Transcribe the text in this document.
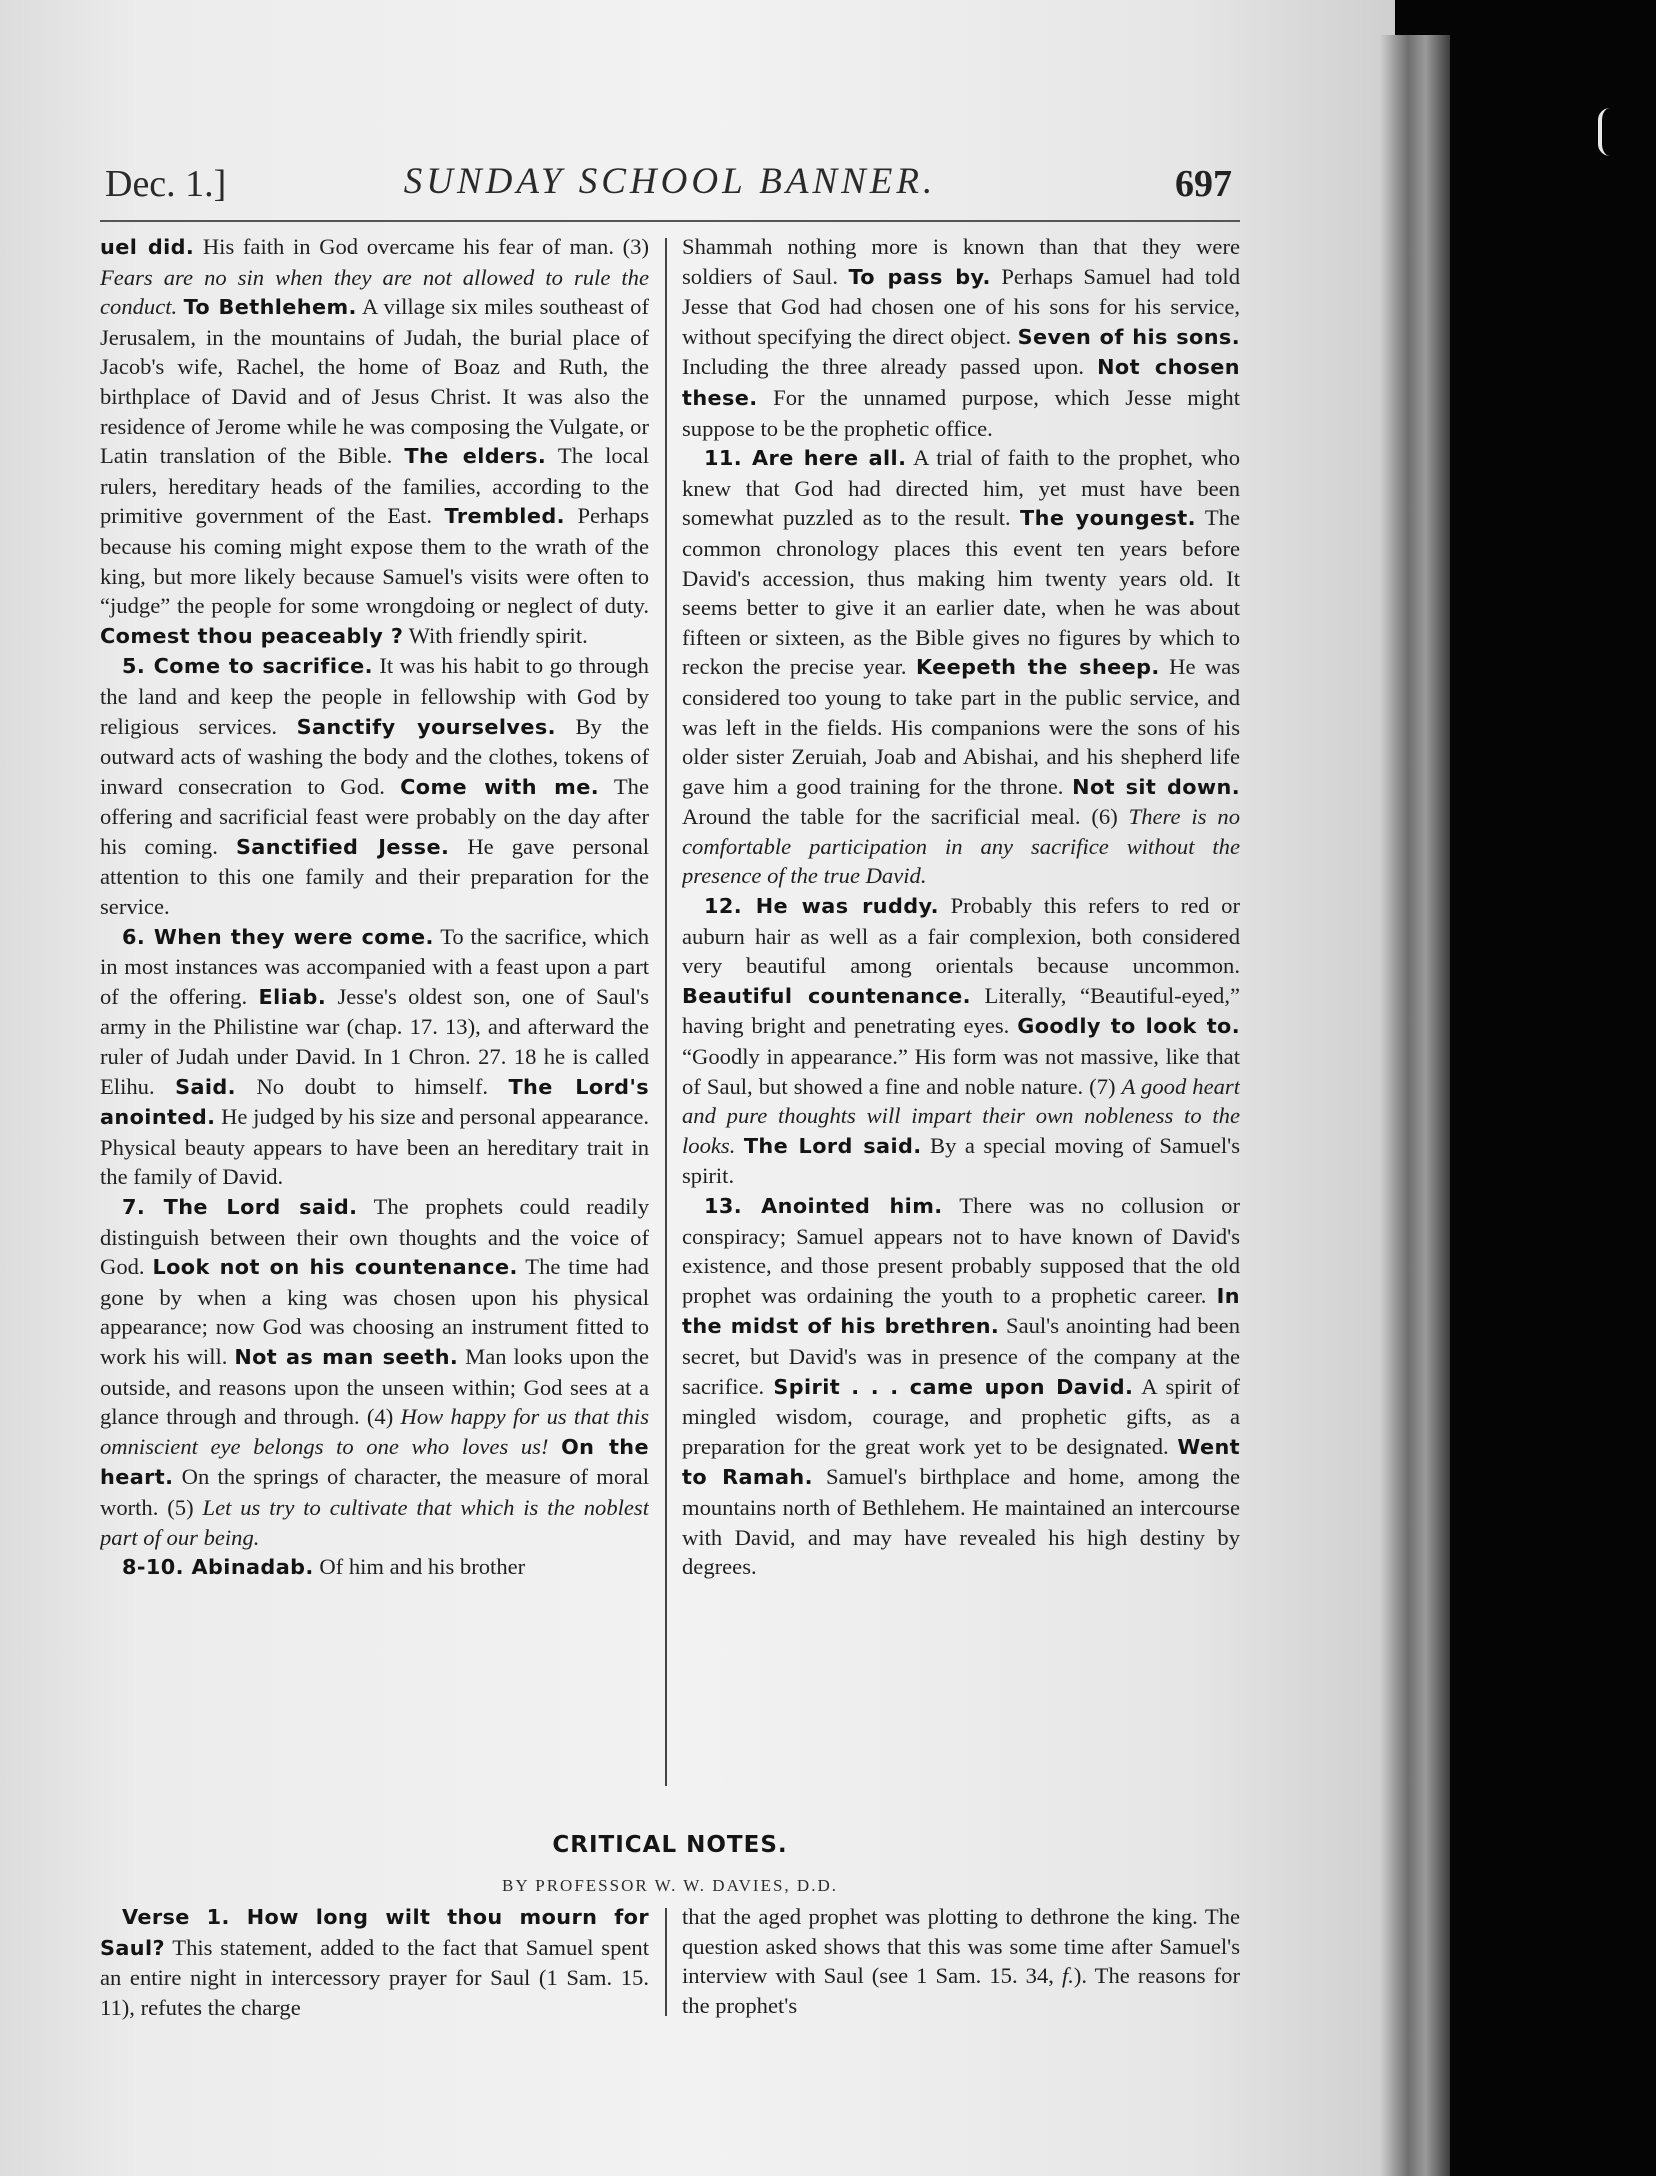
Dec. 1.]	SUNDAY SCHOOL BANNER.	697

uel did. His faith in God overcame his fear of man. (3) Fears are no sin when they are not allowed to rule the conduct. To Bethlehem. A village six miles southeast of Jerusalem, in the mountains of Judah, the burial place of Jacob's wife, Rachel, the home of Boaz and Ruth, the birthplace of David and of Jesus Christ. It was also the residence of Jerome while he was composing the Vulgate, or Latin translation of the Bible. The elders. The local rulers, hereditary heads of the families, according to the primitive government of the East. Trembled. Perhaps because his coming might expose them to the wrath of the king, but more likely because Samuel's visits were often to “judge” the people for some wrongdoing or neglect of duty. Comest thou peaceably ? With friendly spirit.

5. Come to sacrifice. It was his habit to go through the land and keep the people in fellowship with God by religious services. Sanctify yourselves. By the outward acts of washing the body and the clothes, tokens of inward consecration to God. Come with me. The offering and sacrificial feast were probably on the day after his coming. Sanctified Jesse. He gave personal attention to this one family and their preparation for the service.

6. When they were come. To the sacrifice, which in most instances was accompanied with a feast upon a part of the offering. Eliab. Jesse's oldest son, one of Saul's army in the Philistine war (chap. 17. 13), and afterward the ruler of Judah under David. In 1 Chron. 27. 18 he is called Elihu. Said. No doubt to himself. The Lord's anointed. He judged by his size and personal appearance. Physical beauty appears to have been an hereditary trait in the family of David.

7. The Lord said. The prophets could readily distinguish between their own thoughts and the voice of God. Look not on his countenance. The time had gone by when a king was chosen upon his physical appearance; now God was choosing an instrument fitted to work his will. Not as man seeth. Man looks upon the outside, and reasons upon the unseen within; God sees at a glance through and through. (4) How happy for us that this omniscient eye belongs to one who loves us! On the heart. On the springs of character, the measure of moral worth. (5) Let us try to cultivate that which is the noblest part of our being.

8-10. Abinadab. Of him and his brother

Shammah nothing more is known than that they were soldiers of Saul. To pass by. Perhaps Samuel had told Jesse that God had chosen one of his sons for his service, without specifying the direct object. Seven of his sons. Including the three already passed upon. Not chosen these. For the unnamed purpose, which Jesse might suppose to be the prophetic office.

11. Are here all. A trial of faith to the prophet, who knew that God had directed him, yet must have been somewhat puzzled as to the result. The youngest. The common chronology places this event ten years before David's accession, thus making him twenty years old. It seems better to give it an earlier date, when he was about fifteen or sixteen, as the Bible gives no figures by which to reckon the precise year. Keepeth the sheep. He was considered too young to take part in the public service, and was left in the fields. His companions were the sons of his older sister Zeruiah, Joab and Abishai, and his shepherd life gave him a good training for the throne. Not sit down. Around the table for the sacrificial meal. (6) There is no comfortable participation in any sacrifice without the presence of the true David.

12. He was ruddy. Probably this refers to red or auburn hair as well as a fair complexion, both considered very beautiful among orientals because uncommon. Beautiful countenance. Literally, “Beautiful-eyed,” having bright and penetrating eyes. Goodly to look to. “Goodly in appearance.” His form was not massive, like that of Saul, but showed a fine and noble nature. (7) A good heart and pure thoughts will impart their own nobleness to the looks. The Lord said. By a special moving of Samuel's spirit.

13. Anointed him. There was no collusion or conspiracy; Samuel appears not to have known of David's existence, and those present probably supposed that the old prophet was ordaining the youth to a prophetic career. In the midst of his brethren. Saul's anointing had been secret, but David's was in presence of the company at the sacrifice. Spirit . . . came upon David. A spirit of mingled wisdom, courage, and prophetic gifts, as a preparation for the great work yet to be designated. Went to Ramah. Samuel's birthplace and home, among the mountains north of Bethlehem. He maintained an intercourse with David, and may have revealed his high destiny by degrees.

CRITICAL NOTES.
BY PROFESSOR W. W. DAVIES, D.D.

Verse 1. How long wilt thou mourn for Saul? This statement, added to the fact that Samuel spent an entire night in intercessory prayer for Saul (1 Sam. 15. 11), refutes the charge

that the aged prophet was plotting to dethrone the king. The question asked shows that this was some time after Samuel's interview with Saul (see 1 Sam. 15. 34, f.). The reasons for the prophet's
